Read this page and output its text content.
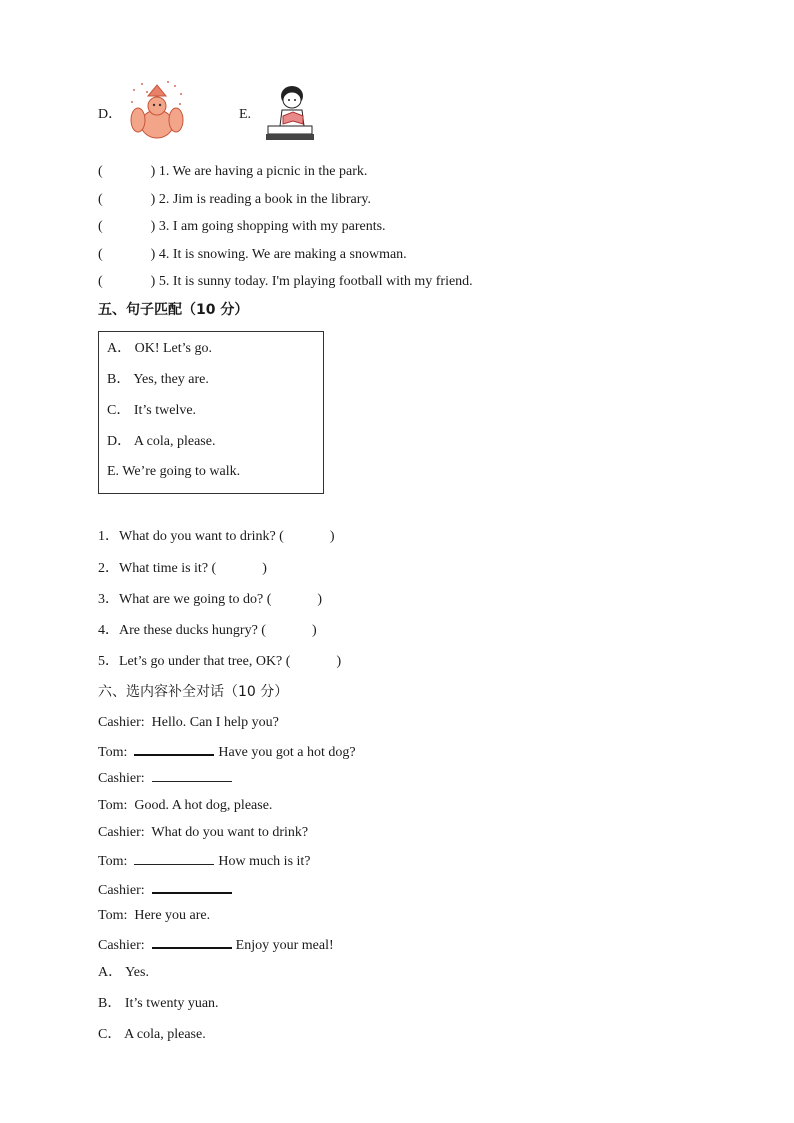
D．	E.
(	) 1. We are having a picnic in the park.
(	) 2. Jim is reading a book in the library.
(	) 3. I am going shopping with my parents.
(	) 4. It is snowing. We are making a snowman.
(	) 5. It is sunny today. I'm playing football with my friend.
五、句子匹配（10 分）
A． OK! Let’s go.
B． Yes, they are.
C． It’s twelve.
D． A cola, please.
E. We’re going to walk.
1．What do you want to drink? (	)
2．What time is it? (	)
3．What are we going to do? (	)
4．Are these ducks hungry? (	)
5．Let’s go under that tree, OK? (	)
六、选内容补全对话（10 分）
Cashier: Hello. Can I help you?
Tom:	Have you got a hot dog?
Cashier:
Tom: Good. A hot dog, please.
Cashier: What do you want to drink?
Tom:	How much is it?
Cashier:
Tom: Here you are.
Cashier:	Enjoy your meal!
A． Yes.
B． It’s twenty yuan.
C． A cola, please.
